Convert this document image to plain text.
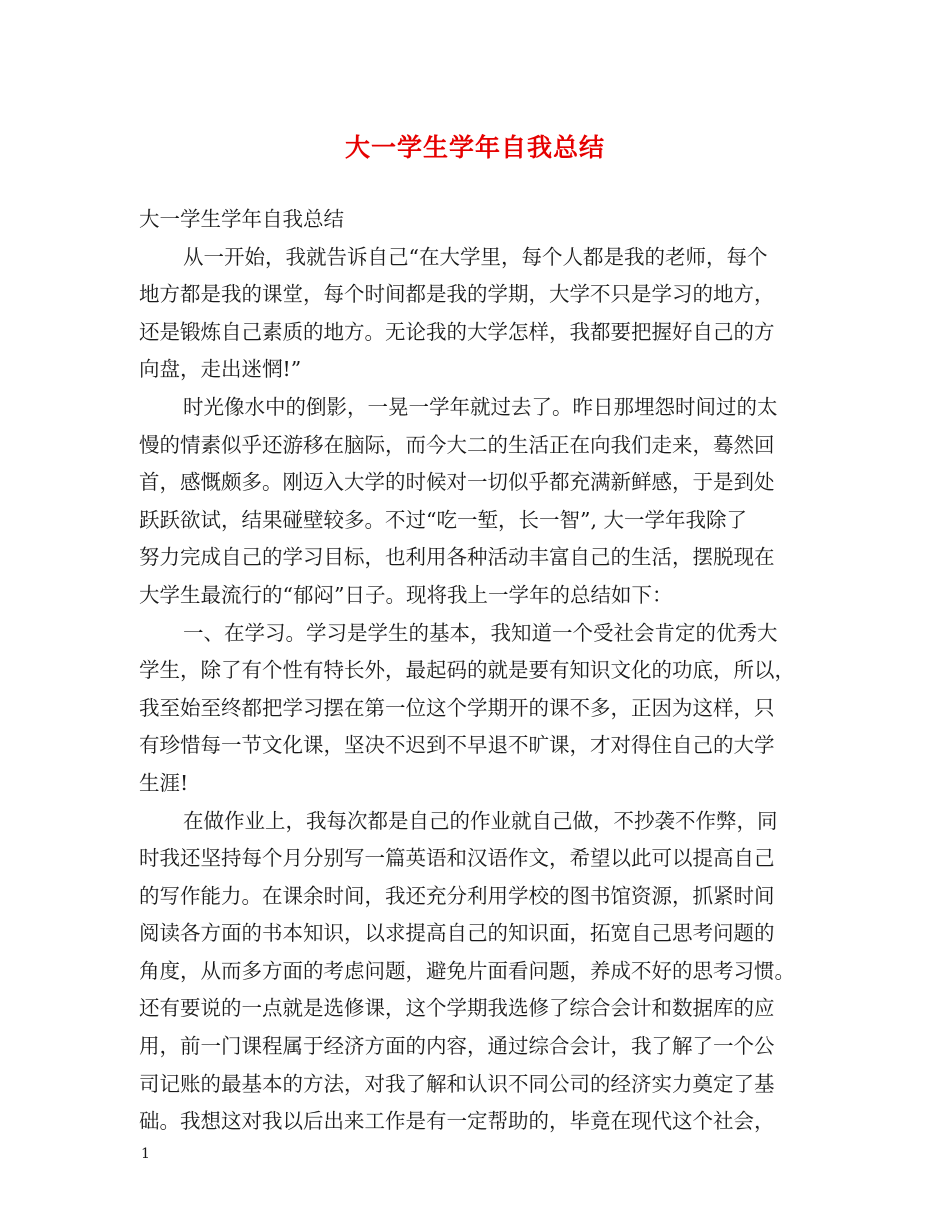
大一学生学年自我总结

大一学生学年自我总结

从一开始，我就告诉自己“在大学里，每个人都是我的老师，每个

地方都是我的课堂，每个时间都是我的学期，大学不只是学习的地方，

还是锻炼自己素质的地方。无论我的大学怎样，我都要把握好自己的方

向盘，走出迷惘!”

时光像水中的倒影，一晃一学年就过去了。昨日那埋怨时间过的太

慢的情素似乎还游移在脑际，而今大二的生活正在向我们走来，蓦然回

首，感慨颇多。刚迈入大学的时候对一切似乎都充满新鲜感，于是到处

跃跃欲试，结果碰壁较多。不过“吃一堑，长一智”, 大一学年我除了

努力完成自己的学习目标，也利用各种活动丰富自己的生活，摆脱现在

大学生最流行的“郁闷”日子。现将我上一学年的总结如下：

一、在学习。学习是学生的基本，我知道一个受社会肯定的优秀大

学生，除了有个性有特长外，最起码的就是要有知识文化的功底，所以，

我至始至终都把学习摆在第一位这个学期开的课不多，正因为这样，只

有珍惜每一节文化课，坚决不迟到不早退不旷课，才对得住自己的大学

生涯!

在做作业上，我每次都是自己的作业就自己做，不抄袭不作弊，同

时我还坚持每个月分别写一篇英语和汉语作文，希望以此可以提高自己

的写作能力。在课余时间，我还充分利用学校的图书馆资源，抓紧时间

阅读各方面的书本知识，以求提高自己的知识面，拓宽自己思考问题的

角度，从而多方面的考虑问题，避免片面看问题，养成不好的思考习惯。

还有要说的一点就是选修课，这个学期我选修了综合会计和数据库的应

用，前一门课程属于经济方面的内容，通过综合会计，我了解了一个公

司记账的最基本的方法，对我了解和认识不同公司的经济实力奠定了基

础。我想这对我以后出来工作是有一定帮助的，毕竟在现代这个社会，

1
